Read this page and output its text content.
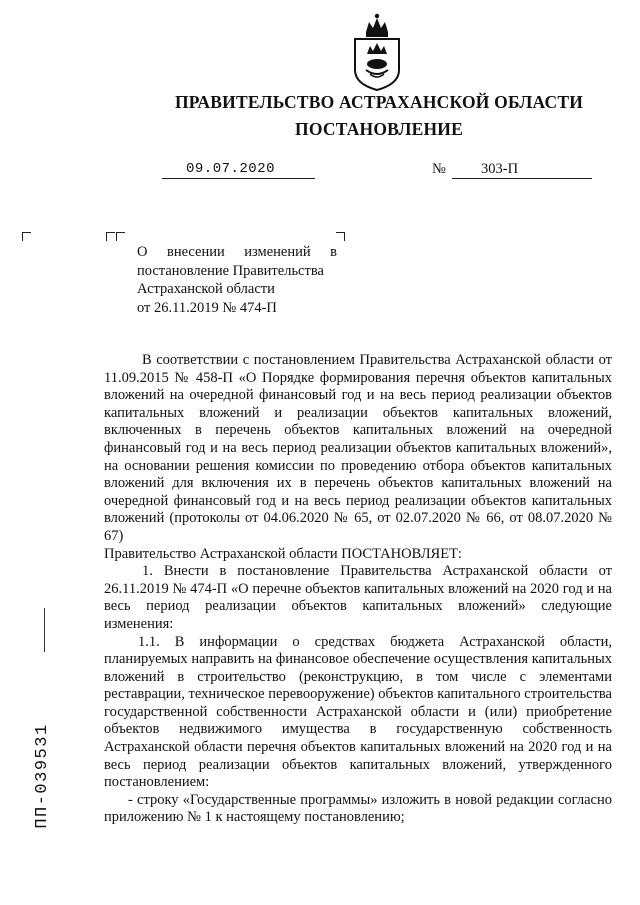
ПРАВИТЕЛЬСТВО АСТРАХАНСКОЙ ОБЛАСТИ
ПОСТАНОВЛЕНИЕ
09.07.2020	№ 303-П
О внесении изменений в
постановление Правительства
Астраханской области
от 26.11.2019 № 474-П

В соответствии с постановлением Правительства Астраханской области от 11.09.2015 № 458-П «О Порядке формирования перечня объектов капитальных вложений на очередной финансовый год и на весь период реализации объектов капитальных вложений и реализации объектов капитальных вложений, включенных в перечень объектов капитальных вложений на очередной финансовый год и на весь период реализации объектов капитальных вложений», на основании решения комиссии по проведению отбора объектов капитальных вложений для включения их в перечень объектов капитальных вложений на очередной финансовый год и на весь период реализации объектов капитальных вложений (протоколы от 04.06.2020 № 65, от 02.07.2020 № 66, от 08.07.2020 № 67)

Правительство Астраханской области ПОСТАНОВЛЯЕТ:

1. Внести в постановление Правительства Астраханской области от 26.11.2019 № 474-П «О перечне объектов капитальных вложений на 2020 год и на весь период реализации объектов капитальных вложений» следующие изменения:

1.1. В информации о средствах бюджета Астраханской области, планируемых направить на финансовое обеспечение осуществления капитальных вложений в строительство (реконструкцию, в том числе с элементами реставрации, техническое перевооружение) объектов капитального строительства государственной собственности Астраханской области и (или) приобретение объектов недвижимого имущества в государственную собственность Астраханской области перечня объектов капитальных вложений на 2020 год и на весь период реализации объектов капитальных вложений, утвержденного постановлением:

- строку «Государственные программы» изложить в новой редакции согласно приложению № 1 к настоящему постановлению;

ПП-039531
